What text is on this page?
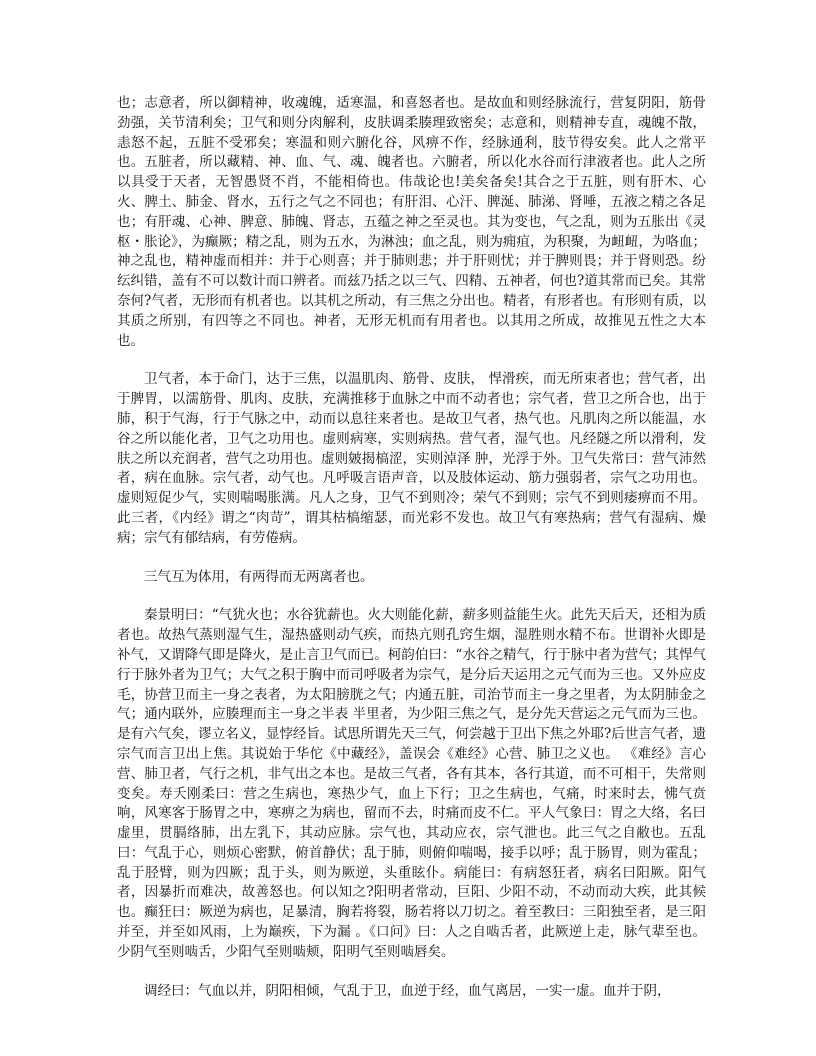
也；志意者，所以御精神，收魂魄，适寒温，和喜怒者也。是故血和则经脉流行，营复阴阳，筋骨劲强，关节清利矣；卫气和则分肉解利，皮肤调柔腠理致密矣；志意和，则精神专直，魂魄不散，恚怒不起，五脏不受邪矣；寒温和则六腑化谷，风痹不作，经脉通利，肢节得安矣。此人之常平也。五脏者，所以藏精、神、血、气、魂、魄者也。六腑者，所以化水谷而行津液者也。此人之所以具受于天者，无智愚贤不肖，不能相倚也。伟哉论也!美矣备矣!其合之于五脏，则有肝木、心火、脾土、肺金、肾水，五行之气之不同也；有肝泪、心汗、脾涎、肺涕、肾唾，五液之精之各足也；有肝魂、心神、脾意、肺魄、肾志，五蕴之神之至灵也。其为变也，气之乱，则为五胀出《灵枢・胀论》，为癫厥；精之乱，则为五水，为淋浊；血之乱，则为痈疽，为积聚，为衄衄，为咯血；神之乱也，精神虚而相并：并于心则喜；并于肺则悲；并于肝则忧；并于脾则畏；并于肾则恐。纷纭纠错，盖有不可以数计而口辨者。而兹乃括之以三气、四精、五神者，何也?道其常而已矣。其常奈何?气者，无形而有机者也。以其机之所动，有三焦之分出也。精者，有形者也。有形则有质，以其质之所别，有四等之不同也。神者，无形无机而有用者也。以其用之所成，故推见五性之大本也。

卫气者，本于命门，达于三焦，以温肌肉、筋骨、皮肤， 悍滑疾，而无所束者也；营气者，出于脾胃，以濡筋骨、肌肉、皮肤，充满推移于血脉之中而不动者也；宗气者，营卫之所合也，出于肺，积于气海，行于气脉之中，动而以息往来者也。是故卫气者，热气也。凡肌肉之所以能温，水谷之所以能化者，卫气之功用也。虚则病寒，实则病热。营气者，湿气也。凡经隧之所以滑利，发肤之所以充润者，营气之功用也。虚则皴揭槁涩，实则淖泽 肿，光浮于外。卫气失常曰：营气沛然者，病在血脉。宗气者，动气也。凡呼吸言语声音，以及肢体运动、筋力强弱者，宗气之功用也。虚则短促少气，实则喘喝胀满。凡人之身，卫气不到则冷；荣气不到则；宗气不到则痿痹而不用。此三者，《内经》谓之“肉苛”，谓其枯槁缩瑟，而光彩不发也。故卫气有寒热病；营气有湿病、燥病；宗气有郁结病，有劳倦病。

三气互为体用，有两得而无两离者也。

秦景明曰：“气犹火也；水谷犹薪也。火大则能化薪，薪多则益能生火。此先天后天，还相为质者也。故热气蒸则湿气生，湿热盛则动气疾，而热亢则孔窍生烟，湿胜则水精不布。世谓补火即是补气，又谓降气即是降火，是止言卫气而已。柯韵伯曰：“水谷之精气，行于脉中者为营气；其悍气行于脉外者为卫气；大气之积于胸中而司呼吸者为宗气，是分后天运用之元气而为三也。又外应皮毛，协营卫而主一身之表者，为太阳膀胱之气；内通五脏，司治节而主一身之里者，为太阴肺金之气；通内联外，应腠理而主一身之半表 半里者，为少阳三焦之气，是分先天营运之元气而为三也。是有六气矣，谬立名义，显悖经旨。试思所谓先天三气，何尝越于卫出下焦之外耶?后世言气者，遗宗气而言卫出上焦。其说始于华佗《中藏经》，盖误会《难经》心营、肺卫之义也。 《难经》言心营、肺卫者，气行之机，非气出之本也。是故三气者，各有其本，各行其道，而不可相干，失常则变矣。寿夭刚柔曰：营之生病也，寒热少气，血上下行；卫之生病也，气痛，时来时去，怫气贲响，风寒客于肠胃之中，寒痹之为病也，留而不去，时痛而皮不仁。平人气象曰：胃之大络，名曰虚里，贯膈络肺，出左乳下，其动应脉。宗气也，其动应衣，宗气泄也。此三气之自敝也。五乱曰：气乱于心，则烦心密默，俯首静伏；乱于肺，则俯仰喘喝，接手以呼；乱于肠胃，则为霍乱；乱于胫臂，则为四厥；乱于头，则为厥逆，头重眩仆。病能曰：有病怒狂者，病名曰阳厥。阳气者，因暴折而难决，故善怒也。何以知之?阳明者常动，巨阳、少阳不动，不动而动大疾，此其候也。癫狂曰：厥逆为病也，足暴清，胸若将裂，肠若将以刀切之。着至教曰：三阳独至者，是三阳并至，并至如风雨，上为巅疾，下为漏 。《口问》曰：人之自啮舌者，此厥逆上走，脉气辈至也。少阴气至则啮舌，少阳气至则啮颊，阳明气至则啮唇矣。

调经曰：气血以并，阴阳相倾，气乱于卫，血逆于经，血气离居，一实一虚。血并于阴，
